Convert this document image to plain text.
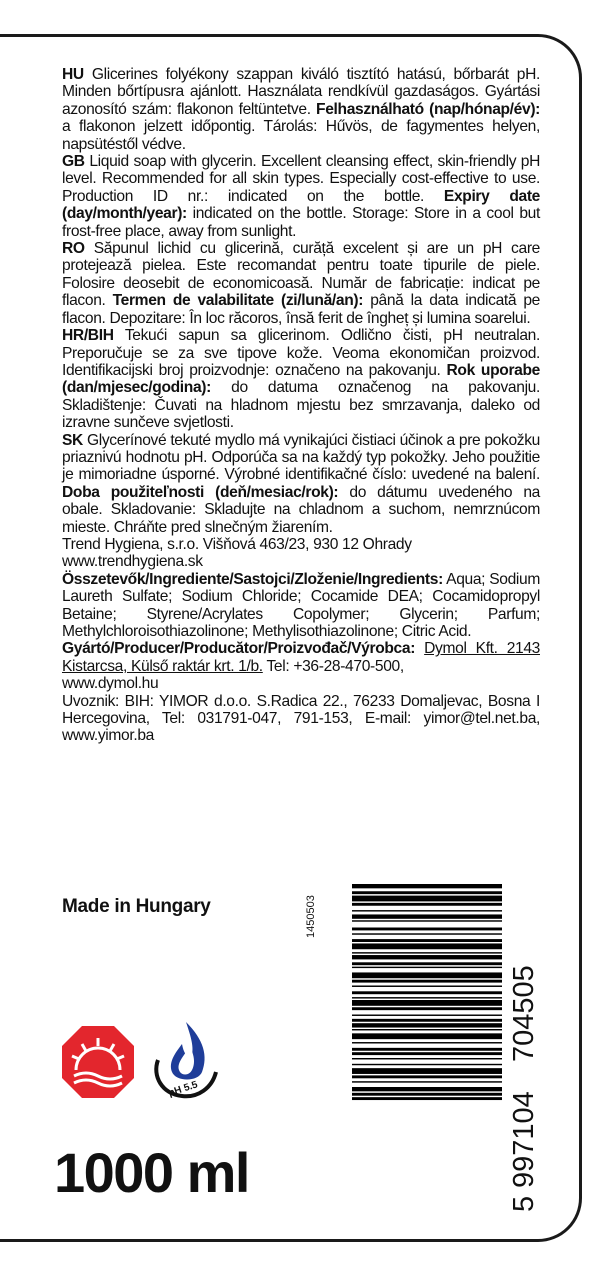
HU Glicerines folyékony szappan kiváló tisztító hatású, bőrbarát pH. Minden bőrtípusra ajánlott. Használata rendkívül gazdaságos. Gyártási azonosító szám: flakonon feltüntetve. Felhasználható (nap/hónap/év): a flakonon jelzett időpontig. Tárolás: Hűvös, de fagymentes helyen, napsütéstől védve.

GB Liquid soap with glycerin. Excellent cleansing effect, skin-friendly pH level. Recommended for all skin types. Especially cost-effective to use. Production ID nr.: indicated on the bottle. Expiry date (day/month/year): indicated on the bottle. Storage: Store in a cool but frost-free place, away from sunlight.

RO Săpunul lichid cu glicerină, curăță excelent și are un pH care protejează pielea. Este recomandat pentru toate tipurile de piele. Folosire deosebit de economicoasă. Număr de fabricație: indicat pe flacon. Termen de valabilitate (zi/lună/an): până la data indicată pe flacon. Depozitare: În loc răcoros, însă ferit de îngheț și lumina soarelui.

HR/BIH Tekući sapun sa glicerinom. Odlično čisti, pH neutralan. Preporučuje se za sve tipove kože. Veoma ekonomičan proizvod. Identifikacijski broj proizvodnje: označeno na pakovanju. Rok uporabe (dan/mjesec/godina): do datuma označenog na pakovanju. Skladištenje: Čuvati na hladnom mjestu bez smrzavanja, daleko od izravne sunčeve svjetlosti.

SK Glycerínové tekuté mydlo má vynikajúci čistiaci účinok a pre pokožku priaznivú hodnotu pH. Odporúča sa na každý typ pokožky. Jeho použitie je mimoriadne úsporné. Výrobné identifikačné číslo: uvedené na balení. Doba použiteľnosti (deň/mesiac/rok): do dátumu uvedeného na obale. Skladovanie: Skladujte na chladnom a suchom, nemrznúcom mieste. Chráňte pred slnečným žiarením.

Trend Hygiena, s.r.o. Višňová 463/23, 930 12 Ohrady

www.trendhygiena.sk

Összetevők/Ingrediente/Sastojci/Zloženie/Ingredients: Aqua; Sodium Laureth Sulfate; Sodium Chloride; Cocamide DEA; Cocamidopropyl Betaine; Styrene/Acrylates Copolymer; Glycerin; Parfum; Methylchloroisothiazolinone; Methylisothiazolinone; Citric Acid.

Gyártó/Producer/Producător/Proizvođač/Výrobca: Dymol Kft. 2143 Kistarcsa, Külső raktár krt. 1/b. Tel: +36-28-470-500,
www.dymol.hu

Uvoznik: BIH: YIMOR d.o.o. S.Radica 22., 76233 Domaljevac, Bosna I Hercegovina, Tel: 031791-047, 791-153, E-mail: yimor@tel.net.ba, www.yimor.ba

Made in Hungary	1450503
5
997104
704505
pH 5.5
1000 ml
